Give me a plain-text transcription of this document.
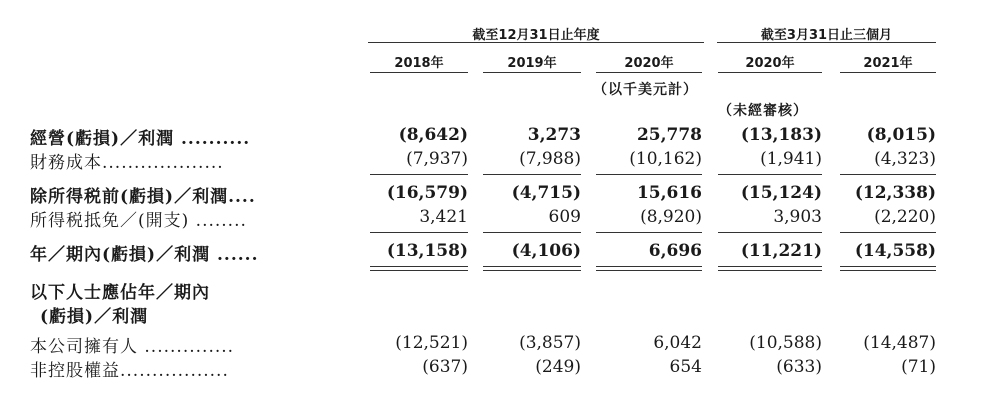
截至12月31日止年度	截至3月31日止三個月
2018年	2019年	2020年	2020年	2021年
（以千美元計）
（未經審核）
經營(虧損)／利潤 ..........	(8,642)	3,273	25,778 (13,183)	(8,015)
財務成本...................	(7,937)	(7,988)	(10,162)	(1,941)	(4,323)
除所得税前(虧損)／利潤....	(16,579)	(4,715)	15,616 (15,124) (12,338)
所得税抵免／(開支) ........	3,421	609	(8,920)	3,903	(2,220)
年／期內(虧損)／利潤 ......	(13,158)	(4,106)	6,696 (11,221) (14,558)
以下人士應佔年／期內
(虧損)／利潤
本公司擁有人 ..............	(12,521)	(3,857)	6,042	(10,588) (14,487)
非控股權益.................	(637)	(249)	654	(633)	(71)
